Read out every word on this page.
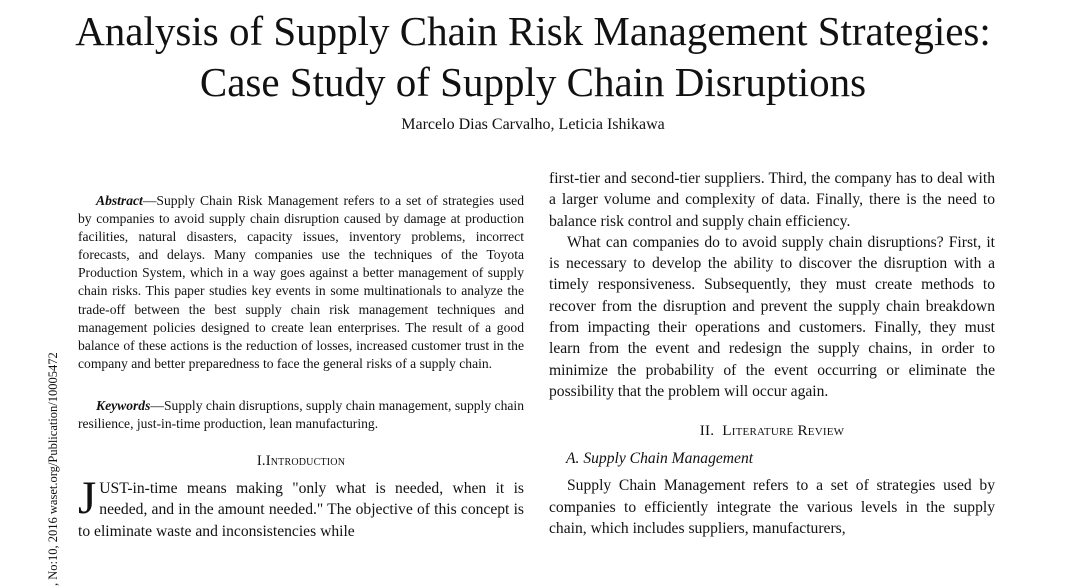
Analysis of Supply Chain Risk Management Strategies: Case Study of Supply Chain Disruptions
Marcelo Dias Carvalho, Leticia Ishikawa
, No:10, 2016 waset.org/Publication/10005472

Abstract—Supply Chain Risk Management refers to a set of strategies used by companies to avoid supply chain disruption caused by damage at production facilities, natural disasters, capacity issues, inventory problems, incorrect forecasts, and delays. Many companies use the techniques of the Toyota Production System, which in a way goes against a better management of supply chain risks. This paper studies key events in some multinationals to analyze the trade-off between the best supply chain risk management techniques and management policies designed to create lean enterprises. The result of a good balance of these actions is the reduction of losses, increased customer trust in the company and better preparedness to face the general risks of a supply chain.

Keywords—Supply chain disruptions, supply chain management, supply chain resilience, just-in-time production, lean manufacturing.

I.Introduction

JUST-in-time means making "only what is needed, when it is needed, and in the amount needed." The objective of this concept is to eliminate waste and inconsistencies while

first-tier and second-tier suppliers. Third, the company has to deal with a larger volume and complexity of data. Finally, there is the need to balance risk control and supply chain efficiency.

What can companies do to avoid supply chain disruptions? First, it is necessary to develop the ability to discover the disruption with a timely responsiveness. Subsequently, they must create methods to recover from the disruption and prevent the supply chain breakdown from impacting their operations and customers. Finally, they must learn from the event and redesign the supply chains, in order to minimize the probability of the event occurring or eliminate the possibility that the problem will occur again.

II. Literature Review
A. Supply Chain Management

Supply Chain Management refers to a set of strategies used by companies to efficiently integrate the various levels in the supply chain, which includes suppliers, manufacturers,
